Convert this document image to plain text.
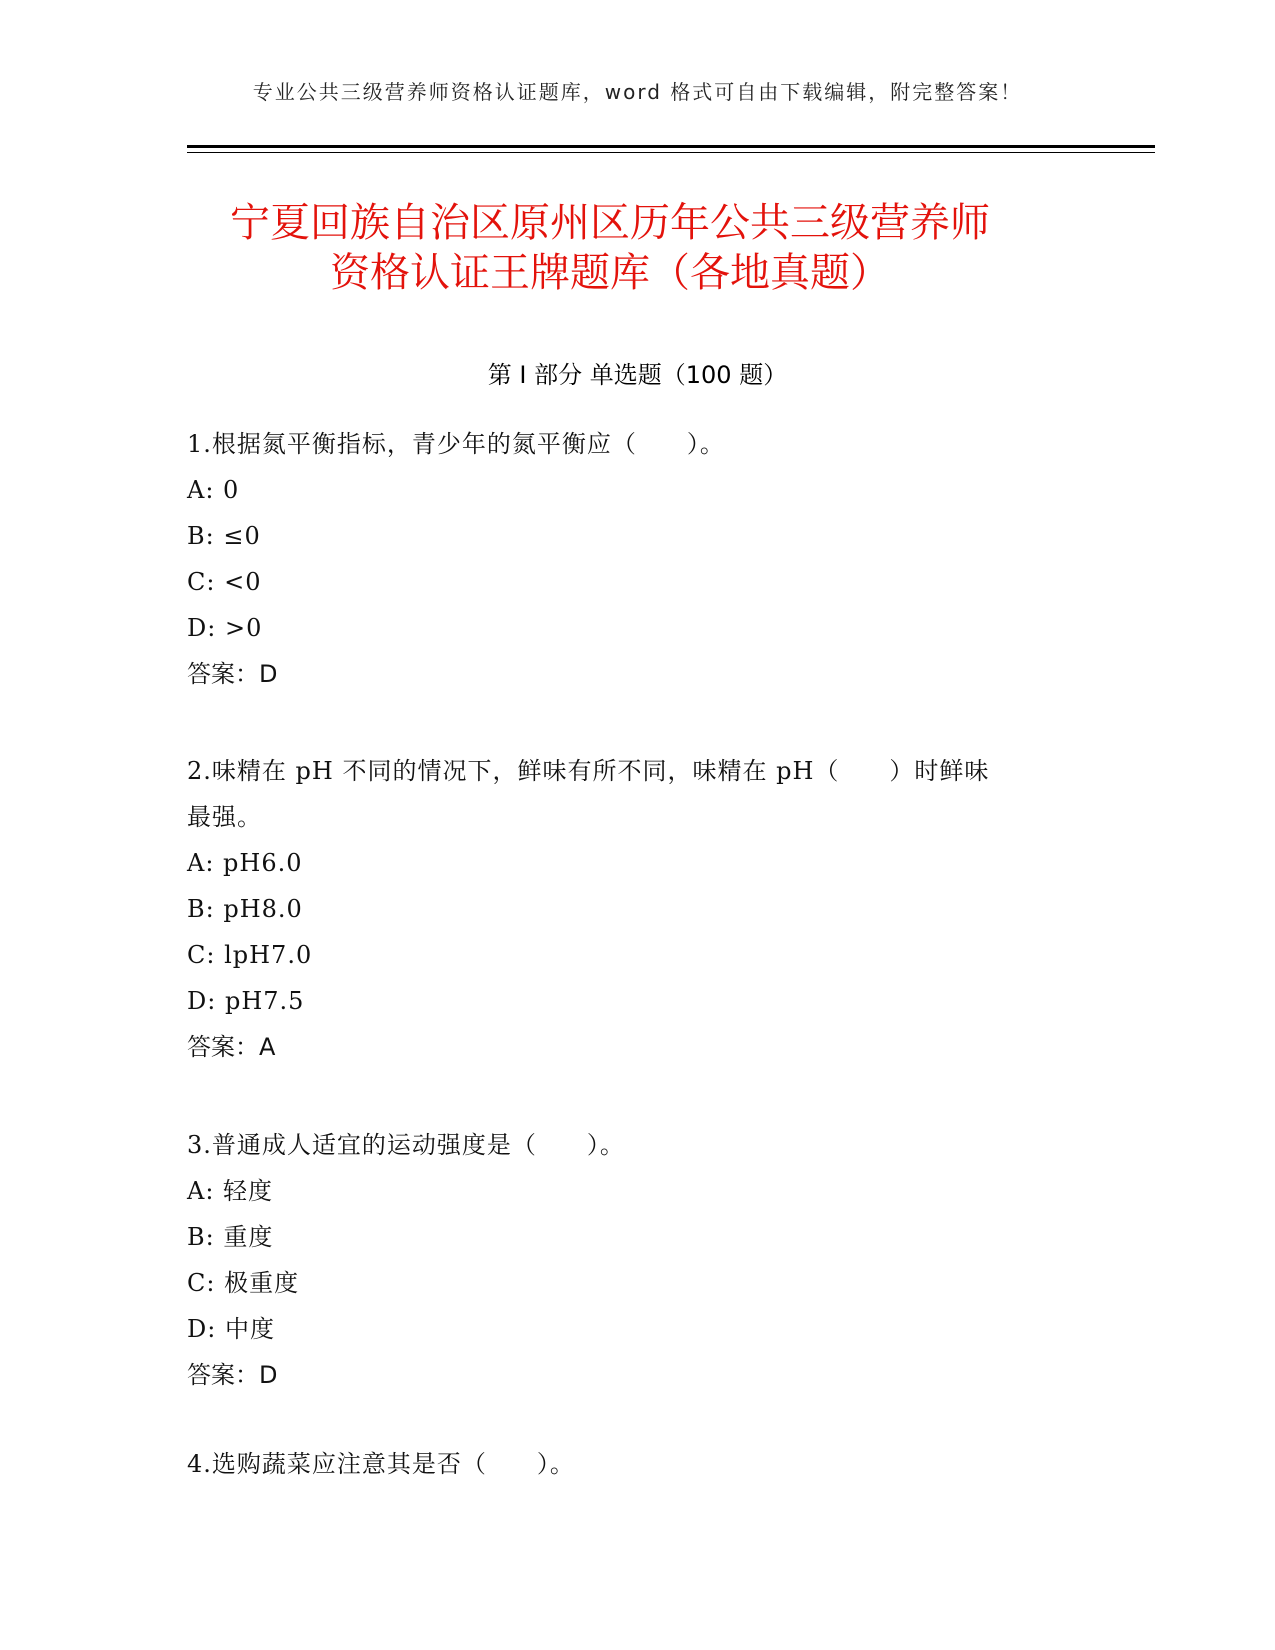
专业公共三级营养师资格认证题库，word 格式可自由下载编辑，附完整答案！
宁夏回族自治区原州区历年公共三级营养师
资格认证王牌题库（各地真题）
第 I 部分 单选题（100 题）
1.根据氮平衡指标，青少年的氮平衡应（　　）。
A: 0
B: ≤0
C: <0
D: >0
答案：D
2.味精在 pH 不同的情况下，鲜味有所不同，味精在 pH（　　）时鲜味
最强。
A: pH6.0
B: pH8.0
C: lpH7.0
D: pH7.5
答案：A
3.普通成人适宜的运动强度是（　　）。
A: 轻度
B: 重度
C: 极重度
D: 中度
答案：D
4.选购蔬菜应注意其是否（　　）。
